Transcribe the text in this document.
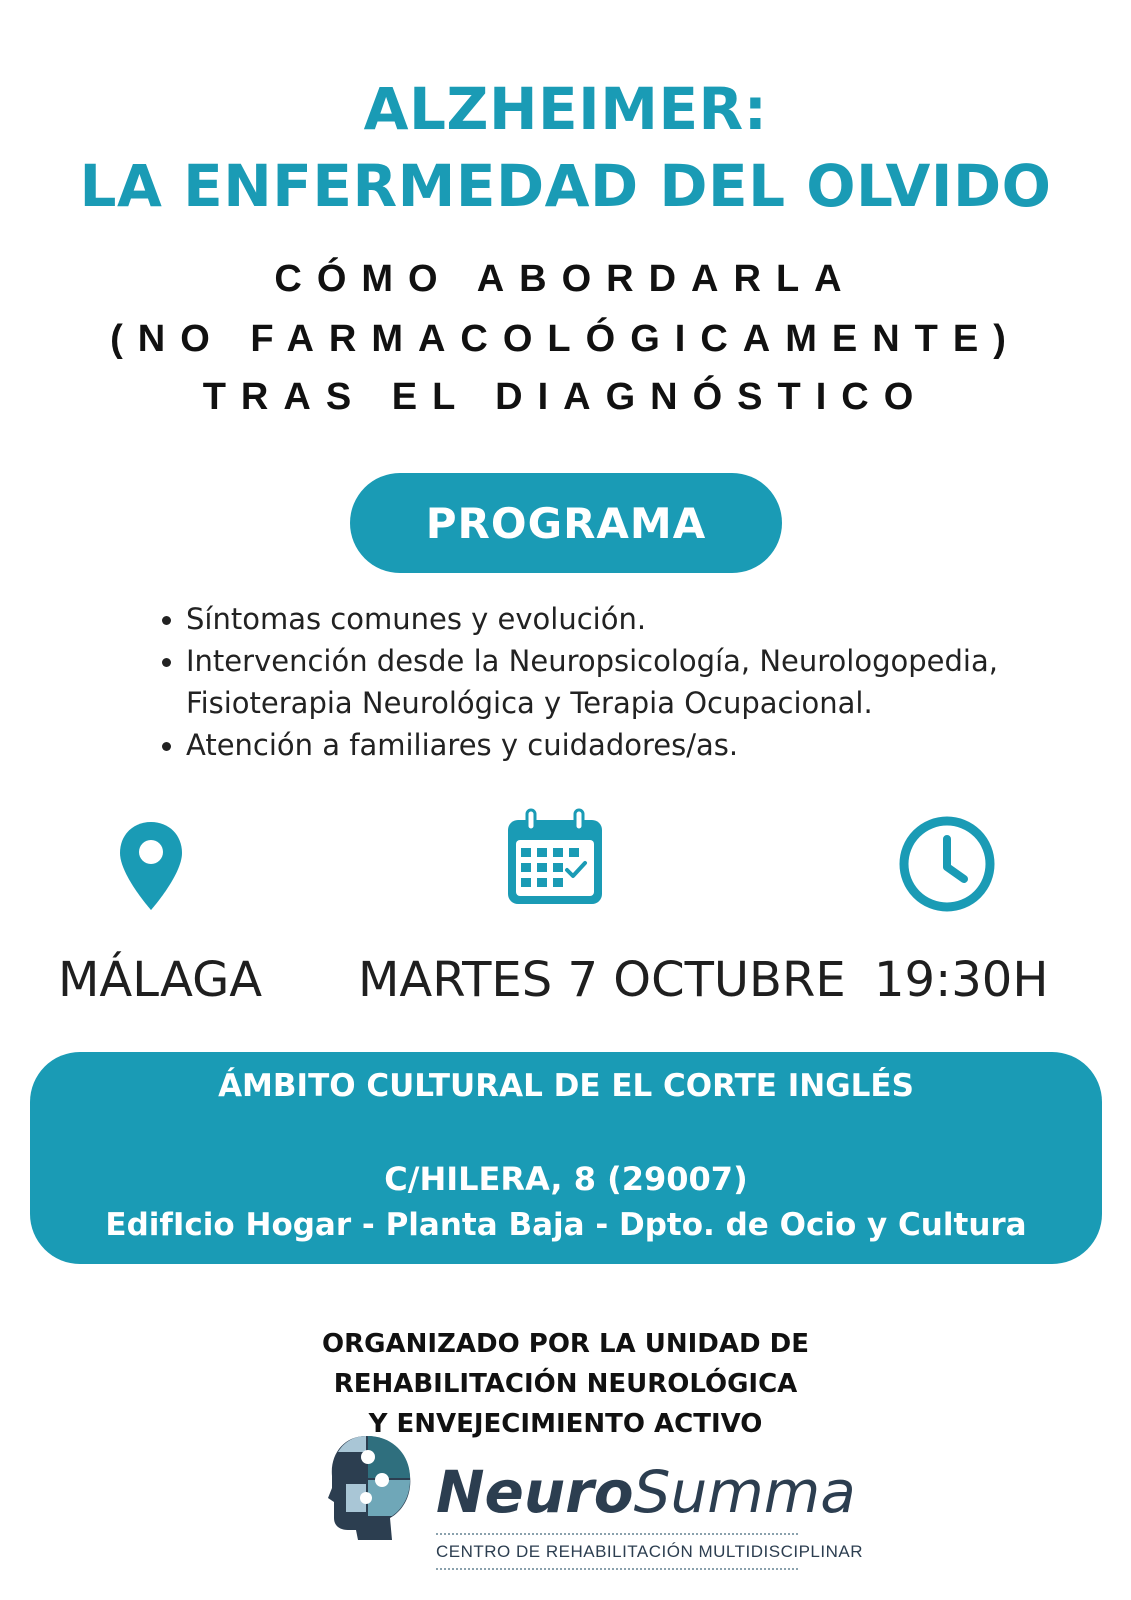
ALZHEIMER:
LA ENFERMEDAD DEL OLVIDO
CÓMO ABORDARLA
(NO FARMACOLÓGICAMENTE)
TRAS EL DIAGNÓSTICO
PROGRAMA
Síntomas comunes y evolución.
Intervención desde la Neuropsicología, Neurologopedia, Fisioterapia Neurológica y Terapia Ocupacional.
Atención a familiares y cuidadores/as.
MÁLAGA MARTES 7 OCTUBRE 19:30H
ÁMBITO CULTURAL DE EL CORTE INGLÉS
C/HILERA, 8 (29007)
EdifIcio Hogar - Planta Baja - Dpto. de Ocio y Cultura
ORGANIZADO POR LA UNIDAD DE
REHABILITACIÓN NEUROLÓGICA
Y ENVEJECIMIENTO ACTIVO
NeuroSumma
CENTRO DE REHABILITACIÓN MULTIDISCIPLINAR
